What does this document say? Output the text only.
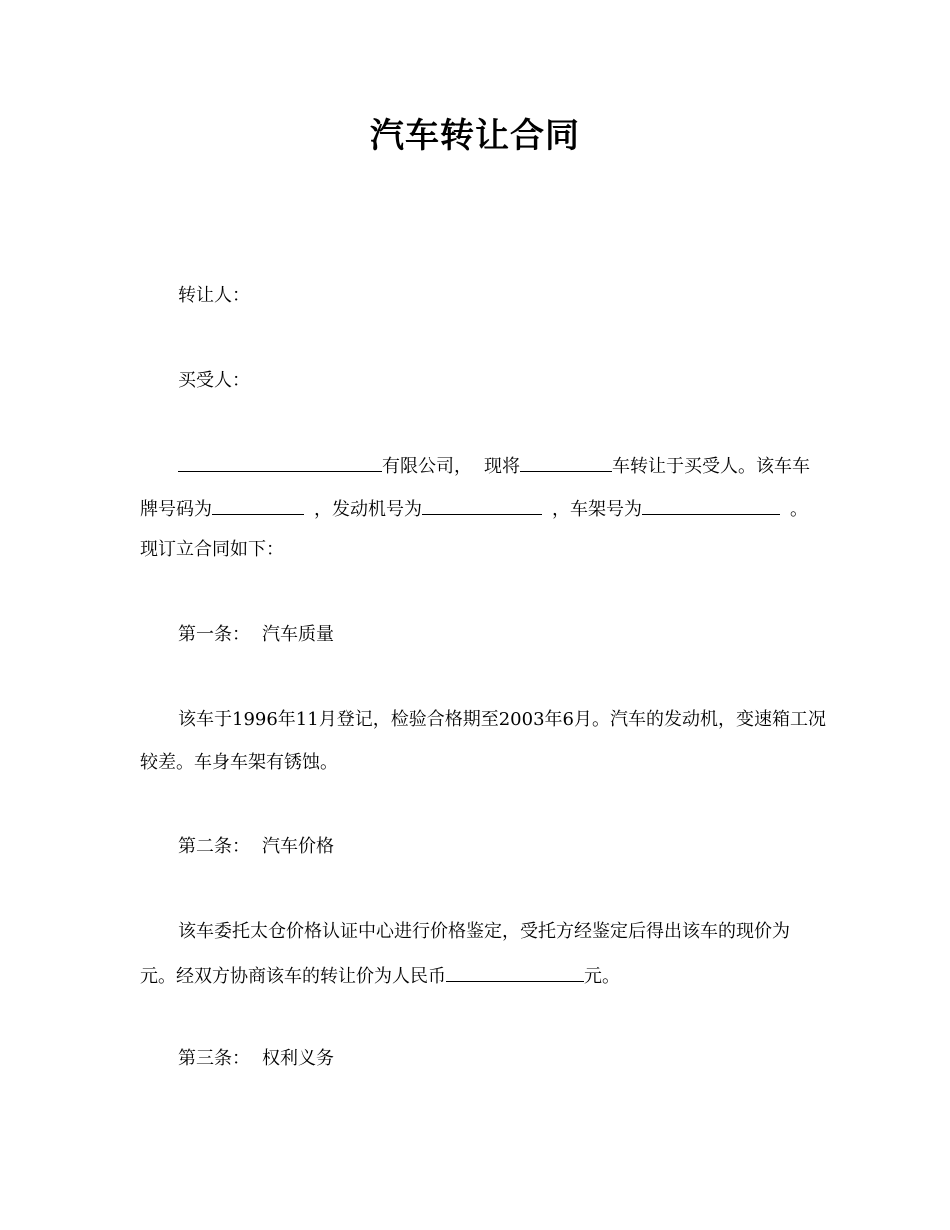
汽车转让合同
转让人：
买受人：
有限公司， 现将	车转让于买受人。该车车
牌号码为	，发动机号为	，车架号为	。
现订立合同如下：
第一条： 汽车质量
该车于1996年11月登记，检验合格期至2003年6月。汽车的发动机，变速箱工况
较差。车身车架有锈蚀。
第二条： 汽车价格
该车委托太仓价格认证中心进行价格鉴定，受托方经鉴定后得出该车的现价为
元。经双方协商该车的转让价为人民币	元。
第三条： 权利义务
